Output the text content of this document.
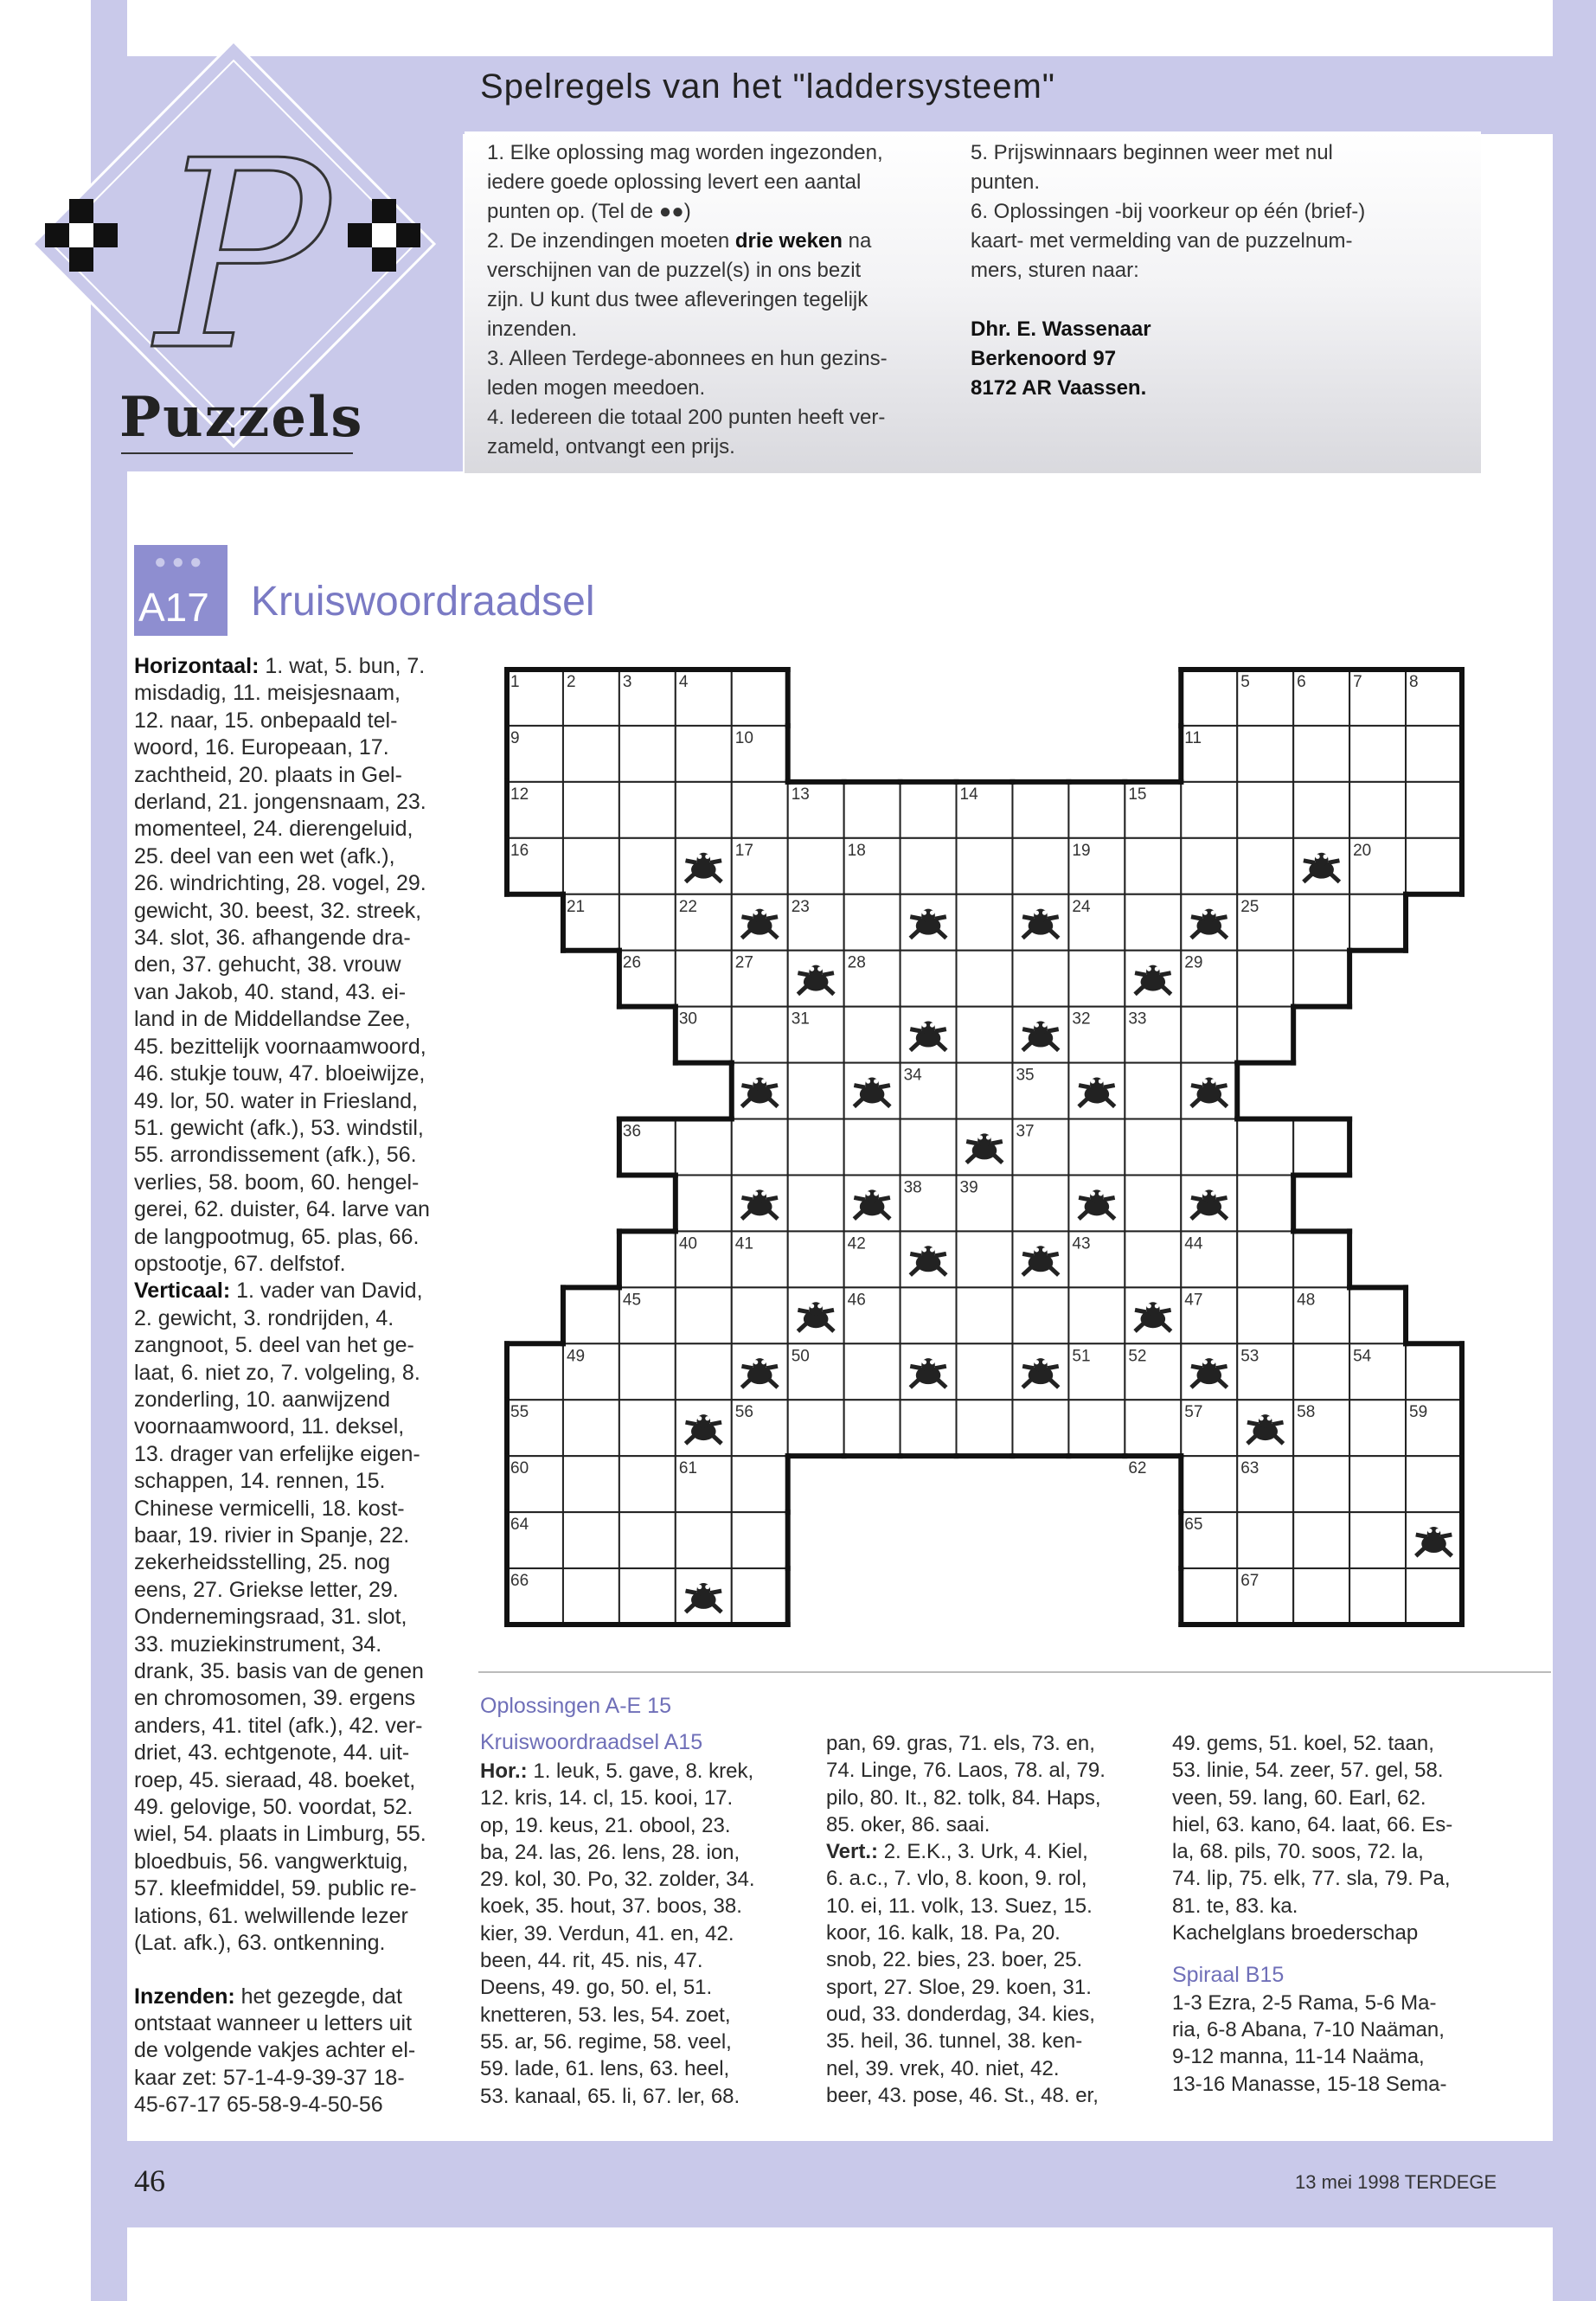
P
Puzzels
Spelregels van het "laddersysteem"

1. Elke oplossing mag worden ingezonden,
iedere goede oplossing levert een aantal
punten op. (Tel de ●●)

2. De inzendingen moeten drie weken na
verschijnen van de puzzel(s) in ons bezit
zijn. U kunt dus twee afleveringen tegelijk
inzenden.

3. Alleen Terdege-abonnees en hun gezins-
leden mogen meedoen.

4. Iedereen die totaal 200 punten heeft ver-
zameld, ontvangt een prijs.

5. Prijswinnaars beginnen weer met nul
punten.

6. Oplossingen -bij voorkeur op één (brief-)
kaart- met vermelding van de puzzelnum-
mers, sturen naar:

Dhr. E. Wassenaar
Berkenoord 97
8172 AR Vaassen.

●●●
A17 Kruiswoordraadsel

Horizontaal: 1. wat, 5. bun, 7.
misdadig, 11. meisjesnaam,
12. naar, 15. onbepaald tel-
woord, 16. Europeaan, 17.
zachtheid, 20. plaats in Gel-
derland, 21. jongensnaam, 23.
momenteel, 24. dierengeluid,
25. deel van een wet (afk.),
26. windrichting, 28. vogel, 29.
gewicht, 30. beest, 32. streek,
34. slot, 36. afhangende dra-
den, 37. gehucht, 38. vrouw
van Jakob, 40. stand, 43. ei-
land in de Middellandse Zee,
45. bezittelijk voornaamwoord,
46. stukje touw, 47. bloeiwijze,
49. lor, 50. water in Friesland,
51. gewicht (afk.), 53. windstil,
55. arrondissement (afk.), 56.
verlies, 58. boom, 60. hengel-
gerei, 62. duister, 64. larve van
de langpootmug, 65. plas, 66.
opstootje, 67. delfstof.

Verticaal: 1. vader van David,
2. gewicht, 3. rondrijden, 4.
zangnoot, 5. deel van het ge-
laat, 6. niet zo, 7. volgeling, 8.
zonderling, 10. aanwijzend
voornaamwoord, 11. deksel,
13. drager van erfelijke eigen-
schappen, 14. rennen, 15.
Chinese vermicelli, 18. kost-
baar, 19. rivier in Spanje, 22.
zekerheidsstelling, 25. nog
eens, 27. Griekse letter, 29.
Ondernemingsraad, 31. slot,
33. muziekinstrument, 34.
drank, 35. basis van de genen
en chromosomen, 39. ergens
anders, 41. titel (afk.), 42. ver-
driet, 43. echtgenote, 44. uit-
roep, 45. sieraad, 48. boeket,
49. gelovige, 50. voordat, 52.
wiel, 54. plaats in Limburg, 55.
bloedbuis, 56. vangwerktuig,
57. kleefmiddel, 59. public re-
lations, 61. welwillende lezer
(Lat. afk.), 63. ontkenning.

Inzenden: het gezegde, dat
ontstaat wanneer u letters uit
de volgende vakjes achter el-
kaar zet: 57-1-4-9-39-37 18-
45-67-17 65-58-9-4-50-56

1	2	3	4	5	6	7	8
9	10	11
12	13	14	15
16	17	18	19	20
21	22	23	24	25
26	27	28	29
30	31	32 33
34	35
36	37
38 39
40 41	42	43	44
45	46	47	48
49	50	51 52	53	54
55	56	57	58	59
60	61	62	63
64	65
66	67
Oplossingen A-E 15
Kruiswoordraadsel A15

Hor.: 1. leuk, 5. gave, 8. krek,
12. kris, 14. cl, 15. kooi, 17.
op, 19. keus, 21. obool, 23.
ba, 24. las, 26. lens, 28. ion,
29. kol, 30. Po, 32. zolder, 34.
koek, 35. hout, 37. boos, 38.
kier, 39. Verdun, 41. en, 42.
been, 44. rit, 45. nis, 47.
Deens, 49. go, 50. el, 51.
knetteren, 53. les, 54. zoet,
55. ar, 56. regime, 58. veel,
59. lade, 61. lens, 63. heel,
53. kanaal, 65. li, 67. ler, 68.

pan, 69. gras, 71. els, 73. en,
74. Linge, 76. Laos, 78. al, 79.
pilo, 80. It., 82. tolk, 84. Haps,
85. oker, 86. saai.
Vert.: 2. E.K., 3. Urk, 4. Kiel,
6. a.c., 7. vlo, 8. koon, 9. rol,
10. ei, 11. volk, 13. Suez, 15.
koor, 16. kalk, 18. Pa, 20.
snob, 22. bies, 23. boer, 25.
sport, 27. Sloe, 29. koen, 31.
oud, 33. donderdag, 34. kies,
35. heil, 36. tunnel, 38. ken-
nel, 39. vrek, 40. niet, 42.
beer, 43. pose, 46. St., 48. er,

49. gems, 51. koel, 52. taan,
53. linie, 54. zeer, 57. gel, 58.
veen, 59. lang, 60. Earl, 62.
hiel, 63. kano, 64. laat, 66. Es-
la, 68. pils, 70. soos, 72. la,
74. lip, 75. elk, 77. sla, 79. Pa,
81. te, 83. ka.
Kachelglans broederschap

Spiraal B15

1-3 Ezra, 2-5 Rama, 5-6 Ma-
ria, 6-8 Abana, 7-10 Naäman,
9-12 manna, 11-14 Naäma,
13-16 Manasse, 15-18 Sema-

46	13 mei 1998 TERDEGE
